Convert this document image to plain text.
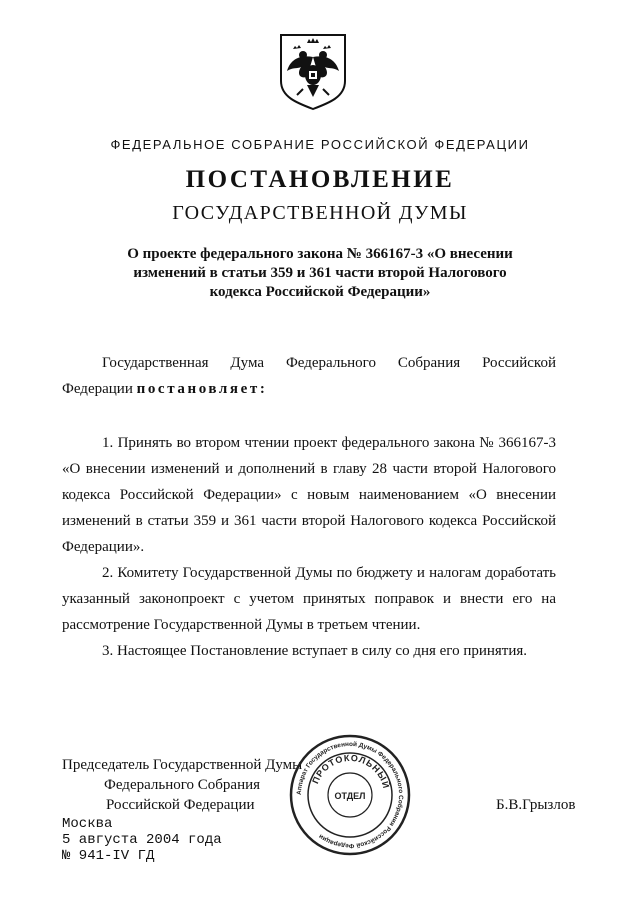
ФЕДЕРАЛЬНОЕ СОБРАНИЕ РОССИЙСКОЙ ФЕДЕРАЦИИ
ПОСТАНОВЛЕНИЕ
ГОСУДАРСТВЕННОЙ ДУМЫ
О проекте федерального закона № 366167-3 «О внесении
изменений в статьи 359 и 361 части второй Налогового
кодекса Российской Федерации»
Государственная Дума Федерального Собрания Российской Федерации постановляет:
1. Принять во втором чтении проект федерального закона № 366167-3 «О внесении изменений и дополнений в главу 28 части второй Налогового кодекса Российской Федерации» с новым наименованием «О внесении изменений в статьи 359 и 361 части второй Налогового кодекса Российской Федерации».
2. Комитету Государственной Думы по бюджету и налогам доработать указанный законопроект с учетом принятых поправок и внести его на рассмотрение Государственной Думы в третьем чтении.
3. Настоящее Постановление вступает в силу со дня его принятия.
Председатель Государственной Думы
Федерального Собрания
Российской Федерации	Б.В.Грызлов
Москва
5 августа 2004 года
№ 941-IV ГД
Аппарат Государственной Думы Федерального Собрания Российской Федерации
ПРОТОКОЛЬНЫЙ
ОТДЕЛ
